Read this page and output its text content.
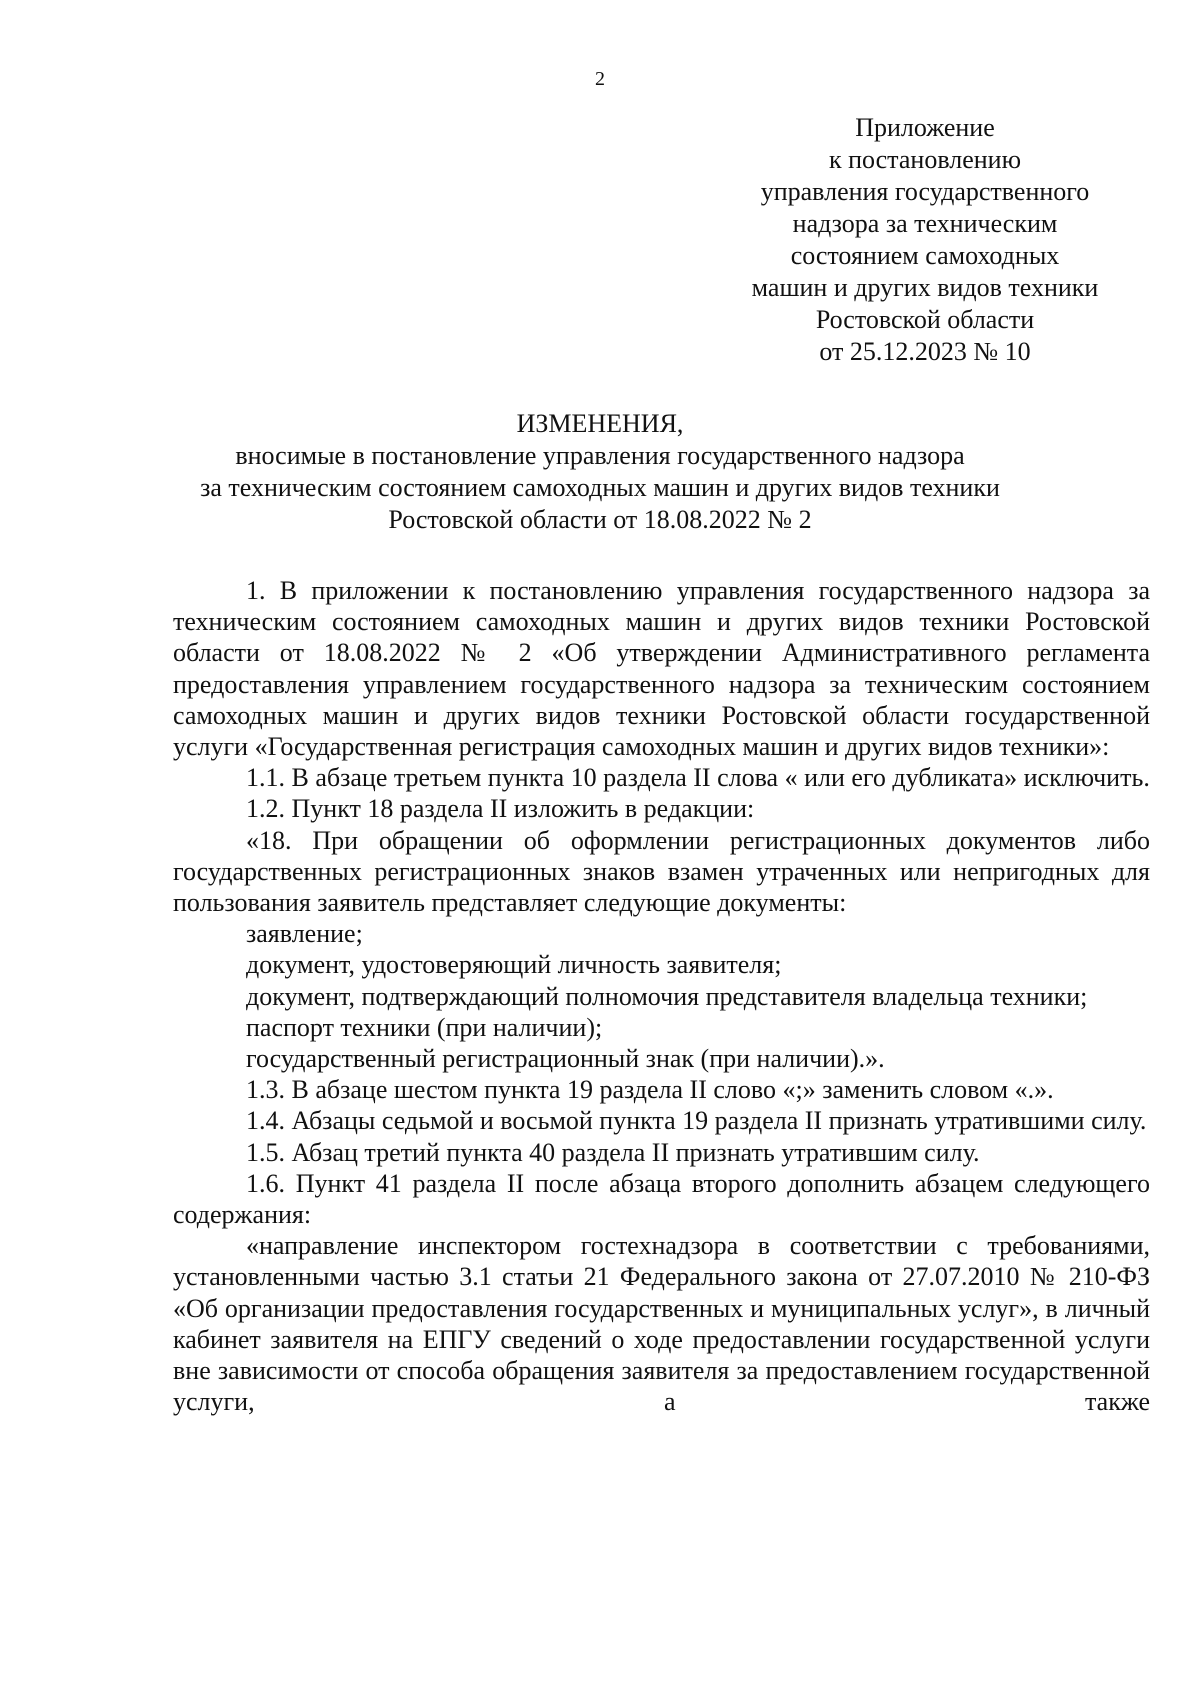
2
Приложение
к постановлению
управления государственного
надзора за техническим
состоянием самоходных
машин и других видов техники
Ростовской области
от 25.12.2023 № 10
ИЗМЕНЕНИЯ,
вносимые в постановление управления государственного надзора
за техническим состоянием самоходных машин и других видов техники
Ростовской области от 18.08.2022 № 2

1. В приложении к постановлению управления государственного надзора за техническим состоянием самоходных машин и других видов техники Ростовской области от 18.08.2022 № 2 «Об утверждении Административного регламента предоставления управлением государственного надзора за техническим состоянием самоходных машин и других видов техники Ростовской области государственной услуги «Государственная регистрация самоходных машин и других видов техники»:

1.1. В абзаце третьем пункта 10 раздела II слова « или его дубликата» исключить.

1.2. Пункт 18 раздела II изложить в редакции:

«18. При обращении об оформлении регистрационных документов либо государственных регистрационных знаков взамен утраченных или непригодных для пользования заявитель представляет следующие документы:

заявление;

документ, удостоверяющий личность заявителя;

документ, подтверждающий полномочия представителя владельца техники;

паспорт техники (при наличии);

государственный регистрационный знак (при наличии).».

1.3. В абзаце шестом пункта 19 раздела II слово «;» заменить словом «.».

1.4. Абзацы седьмой и восьмой пункта 19 раздела II признать утратившими силу.

1.5. Абзац третий пункта 40 раздела II признать утратившим силу.

1.6. Пункт 41 раздела II после абзаца второго дополнить абзацем следующего содержания:

«направление инспектором гостехнадзора в соответствии с требованиями, установленными частью 3.1 статьи 21 Федерального закона от 27.07.2010 № 210-ФЗ «Об организации предоставления государственных и муниципальных услуг», в личный кабинет заявителя на ЕПГУ сведений о ходе предоставлении государственной услуги вне зависимости от способа обращения заявителя за предоставлением государственной услуги, а также
